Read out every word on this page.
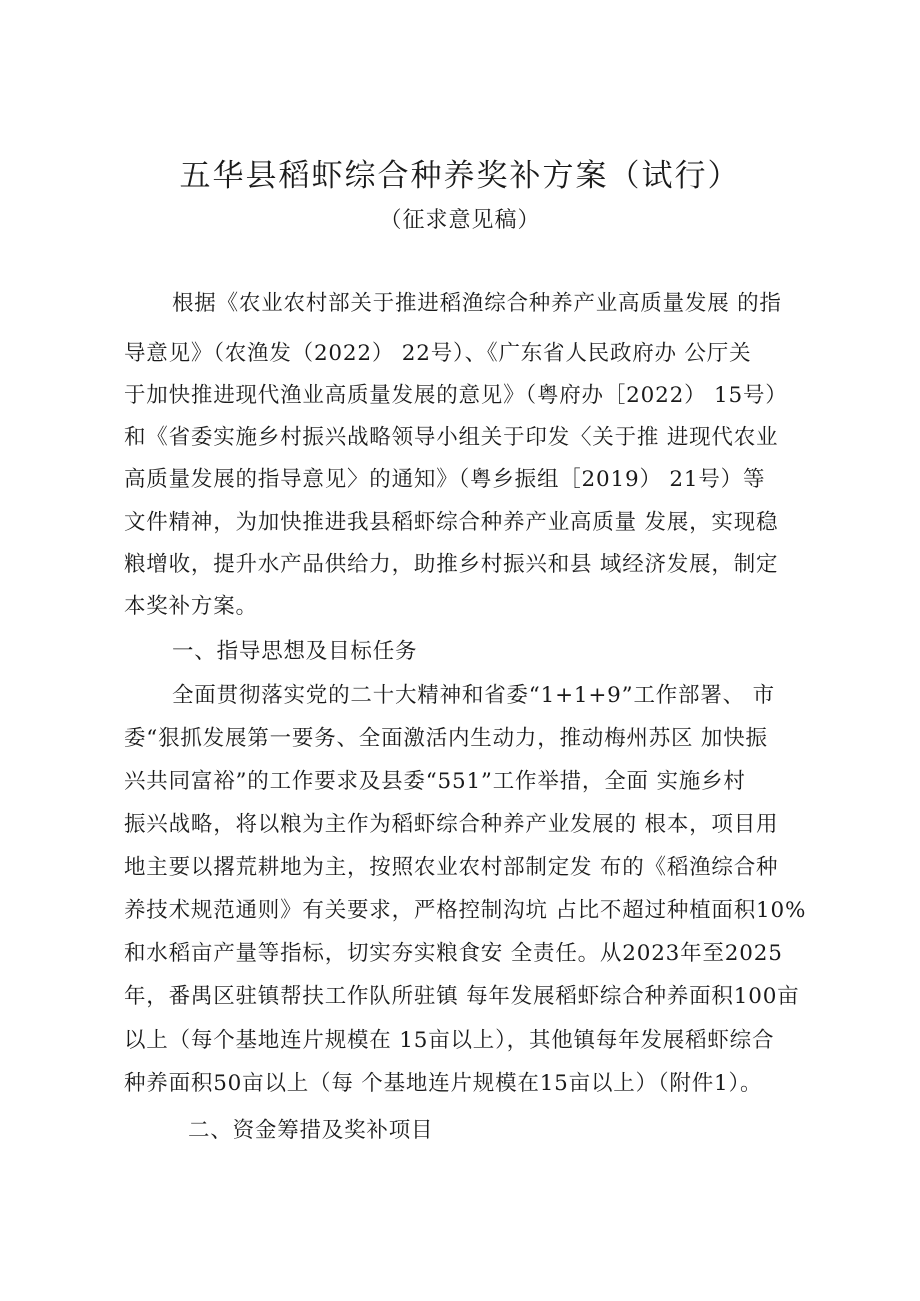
五华县稻虾综合种养奖补方案（试行）

（征求意见稿）

根据《农业农村部关于推进稻渔综合种养产业高质量发展 的指

导意见》（农渔发（2022） 22号）、《广东省人民政府办 公厅关

于加快推进现代渔业高质量发展的意见》（粤府办［2022） 15号）

和《省委实施乡村振兴战略领导小组关于印发〈关于推 进现代农业

高质量发展的指导意见〉的通知》（粤乡振组［2019） 21号）等

文件精神，为加快推进我县稻虾综合种养产业高质量 发展，实现稳

粮增收，提升水产品供给力，助推乡村振兴和县 域经济发展，制定

本奖补方案。

一、指导思想及目标任务

全面贯彻落实党的二十大精神和省委“1+1+9”工作部署、 市

委“狠抓发展第一要务、全面激活内生动力，推动梅州苏区 加快振

兴共同富裕”的工作要求及县委“551”工作举措，全面 实施乡村

振兴战略，将以粮为主作为稻虾综合种养产业发展的 根本，项目用

地主要以撂荒耕地为主，按照农业农村部制定发 布的《稻渔综合种

养技术规范通则》有关要求，严格控制沟坑 占比不超过种植面积10%

和水稻亩产量等指标，切实夯实粮食安 全责任。从2023年至2025

年，番禺区驻镇帮扶工作队所驻镇 每年发展稻虾综合种养面积100亩

以上（每个基地连片规模在 15亩以上），其他镇每年发展稻虾综合

种养面积50亩以上（每 个基地连片规模在15亩以上）（附件1）。

二、资金筹措及奖补项目
